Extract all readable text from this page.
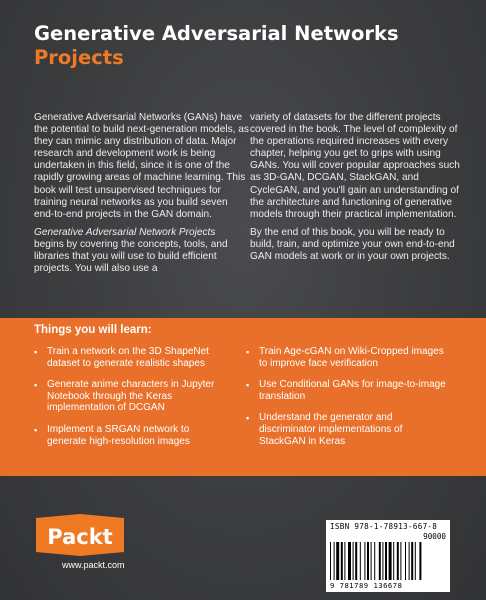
Generative Adversarial Networks
Projects

Generative Adversarial Networks (GANs) have the potential to build next-generation models, as they can mimic any distribution of data. Major research and development work is being undertaken in this field, since it is one of the rapidly growing areas of machine learning. This book will test unsupervised techniques for training neural networks as you build seven end-to-end projects in the GAN domain.

Generative Adversarial Network Projects
begins by covering the concepts, tools, and libraries that you will use to build efficient projects. You will also use a

variety of datasets for the different projects covered in the book. The level of complexity of the operations required increases with every chapter, helping you get to grips with using GANs. You will cover popular approaches such as 3D-GAN, DCGAN, StackGAN, and CycleGAN, and you'll gain an understanding of the architecture and functioning of generative models through their practical implementation.

By the end of this book, you will be ready to build, train, and optimize your own end-to-end GAN models at work or in your own projects.

Things you will learn:
▪ Train a network on the 3D ShapeNet dataset to generate realistic shapes
▪ Generate anime characters in Jupyter Notebook through the Keras implementation of DCGAN
▪ Implement a SRGAN network to generate high-resolution images
▪ Train Age-cGAN on Wiki-Cropped images to improve face verification
▪ Use Conditional GANs for image-to-image translation
▪ Understand the generator and discriminator implementations of StackGAN in Keras
Packt
www.packt.com
ISBN 978-1-78913-667-8
90000
9 781789 136678
